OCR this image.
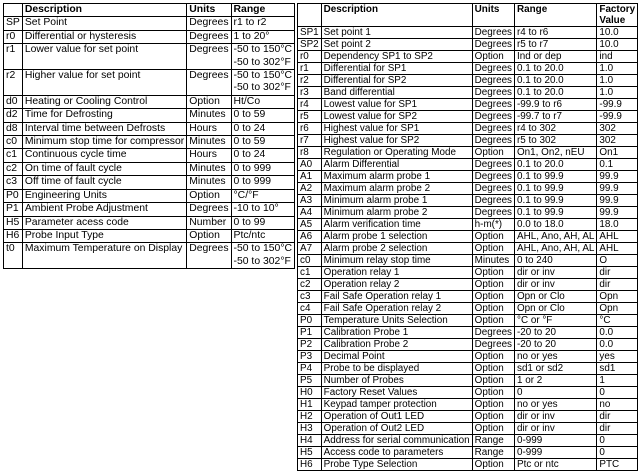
	Description	Units	Range
SP	Set Point	Degrees	r1 to r2

r0	Differential or hysteresis	Degrees	1 to 20°

r1	Lower value for set point	Degrees	-50 to 150°C
-50 to 302°F

r2	Higher value for set point	Degrees	-50 to 150°C
-50 to 302°F

d0	Heating or Cooling Control	Option	Ht/Co

d2	Time for Defrosting	Minutes	0 to 59

d8	Interval time between Defrosts	Hours	0 to 24

c0	Minimum stop time for compressor	Minutes	0 to 59

c1	Continuous cycle time	Hours	0 to 24

c2	On time of fault cycle	Minutes	0 to 999

c3	Off time of fault cycle	Minutes	0 to 999

P0	Engineering Units	Option	°C/°F

P1	Ambient Probe Adjustment	Degrees	-10 to 10°

H5	Parameter acess code	Number	0 to 99

H6	Probe Input Type	Option	Ptc/ntc

t0	Maximum Temperature on Display	Degrees	-50 to 150°C
-50 to 302°F
	Description	Units	Range	Factory Value
SP1	Set point 1	Degrees	r4 to r6	10.0
SP2	Set point 2	Degrees	r5 to r7	10.0
r0	Dependency SP1 to SP2	Option	Ind or dep	ind
r1	Differential for SP1	Degrees	0.1 to 20.0	1.0
r2	Differential for SP2	Degrees	0.1 to 20.0	1.0
r3	Band differential	Degrees	0.1 to 20.0	1.0
r4	Lowest value for SP1	Degrees	-99.9 to r6	-99.9
r5	Lowest value for SP2	Degrees	-99.7 to r7	-99.9
r6	Highest value for SP1	Degrees	r4 to 302	302
r7	Highest value for SP2	Degrees	r5 to 302	302
r8	Regulation or Operating Mode	Option	On1, On2, nEU	On1
A0	Alarm Differential	Degrees	0.1 to 20.0	0.1
A1	Maximum alarm probe 1	Degrees	0.1 to 99.9	99.9
A2	Maximum alarm probe 2	Degrees	0.1 to 99.9	99.9
A3	Minimum alarm probe 1	Degrees	0.1 to 99.9	99.9
A4	Minimum alarm probe 2	Degrees	0.1 to 99.9	99.9
A5	Alarm verification time	h-m(*)	0.0 to 18.0	18.0
A6	Alarm probe 1 selection	Option	AHL, Ano, AH, AL	AHL
A7	Alarm probe 2 selection	Option	AHL, Ano, AH, AL	AHL
c0	Minimum relay stop time	Minutes	0 to 240	O
c1	Operation relay 1	Option	dir or inv	dir
c2	Operation relay 2	Option	dir or inv	dir
c3	Fail Safe Operation relay 1	Option	Opn or Clo	Opn
c4	Fail Safe Operation relay 2	Option	Opn or Clo	Opn
P0	Temperature Units Selection	Option	°C or °F	°C
P1	Calibration Probe 1	Degrees	-20 to 20	0.0
P2	Calibration Probe 2	Degrees	-20 to 20	0.0
P3	Decimal Point	Option	no or yes	yes
P4	Probe to be displayed	Option	sd1 or sd2	sd1
P5	Number of Probes	Option	1 or 2	1
H0	Factory Reset Values	Option	0	0
H1	Keypad tamper protection	Option	no or yes	no
H2	Operation of Out1 LED	Option	dir or inv	dir
H3	Operation of Out2 LED	Option	dir or inv	dir
H4	Address for serial communication	Range	0-999	0
H5	Access code to parameters	Range	0-999	0
H6	Probe Type Selection	Option	Ptc or ntc	PTC
